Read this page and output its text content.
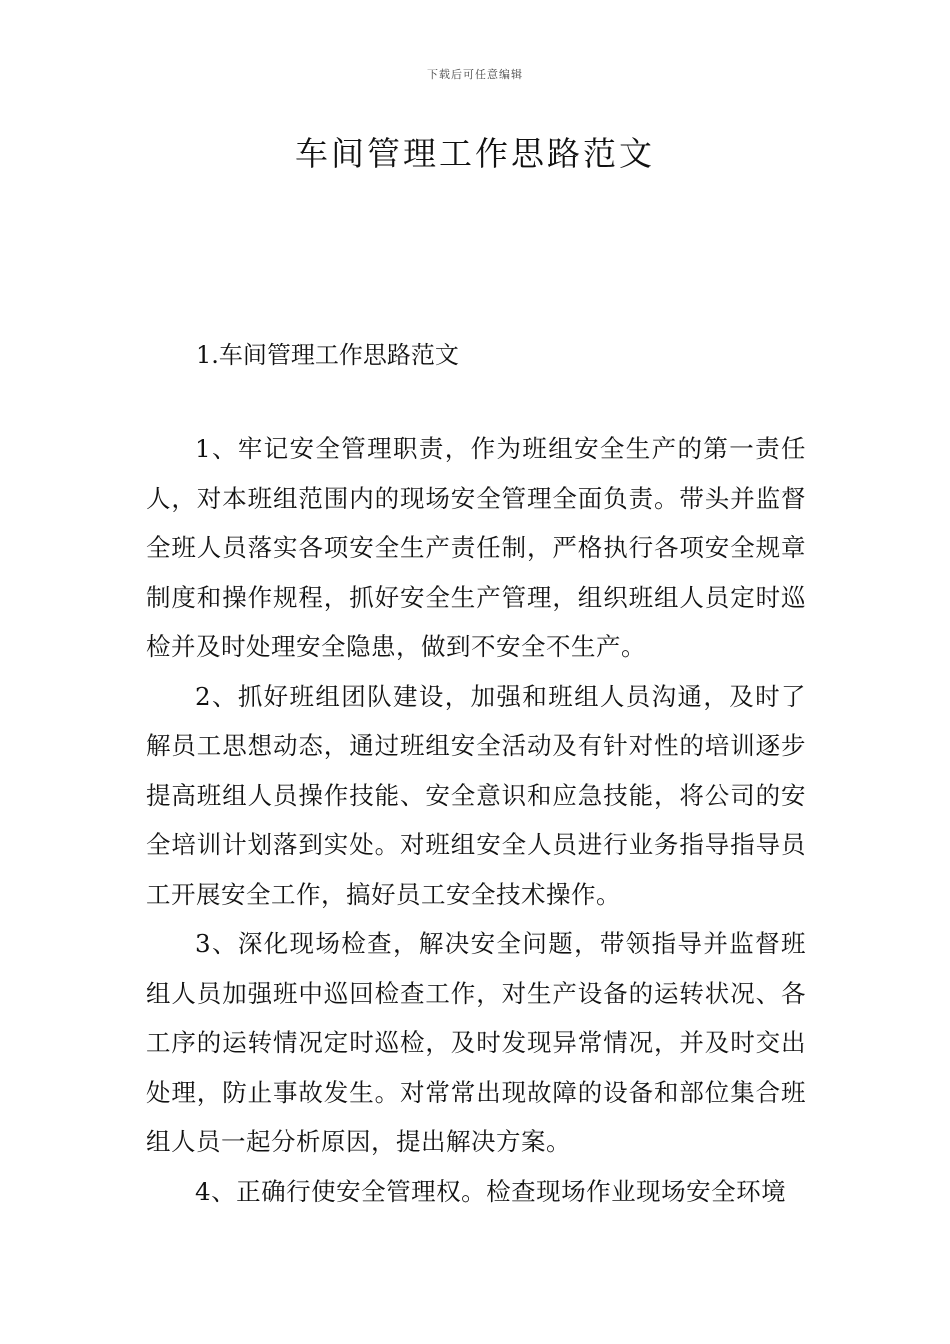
下载后可任意编辑
车间管理工作思路范文
1.车间管理工作思路范文

1、牢记安全管理职责，作为班组安全生产的第一责任人，对本班组范围内的现场安全管理全面负责。带头并监督全班人员落实各项安全生产责任制，严格执行各项安全规章制度和操作规程，抓好安全生产管理，组织班组人员定时巡检并及时处理安全隐患，做到不安全不生产。

2、抓好班组团队建设，加强和班组人员沟通，及时了解员工思想动态，通过班组安全活动及有针对性的培训逐步提高班组人员操作技能、安全意识和应急技能，将公司的安全培训计划落到实处。对班组安全人员进行业务指导指导员工开展安全工作，搞好员工安全技术操作。

3、深化现场检查，解决安全问题，带领指导并监督班组人员加强班中巡回检查工作，对生产设备的运转状况、各工序的运转情况定时巡检，及时发现异常情况，并及时交出处理，防止事故发生。对常常出现故障的设备和部位集合班组人员一起分析原因，提出解决方案。

4、正确行使安全管理权。检查现场作业现场安全环境
